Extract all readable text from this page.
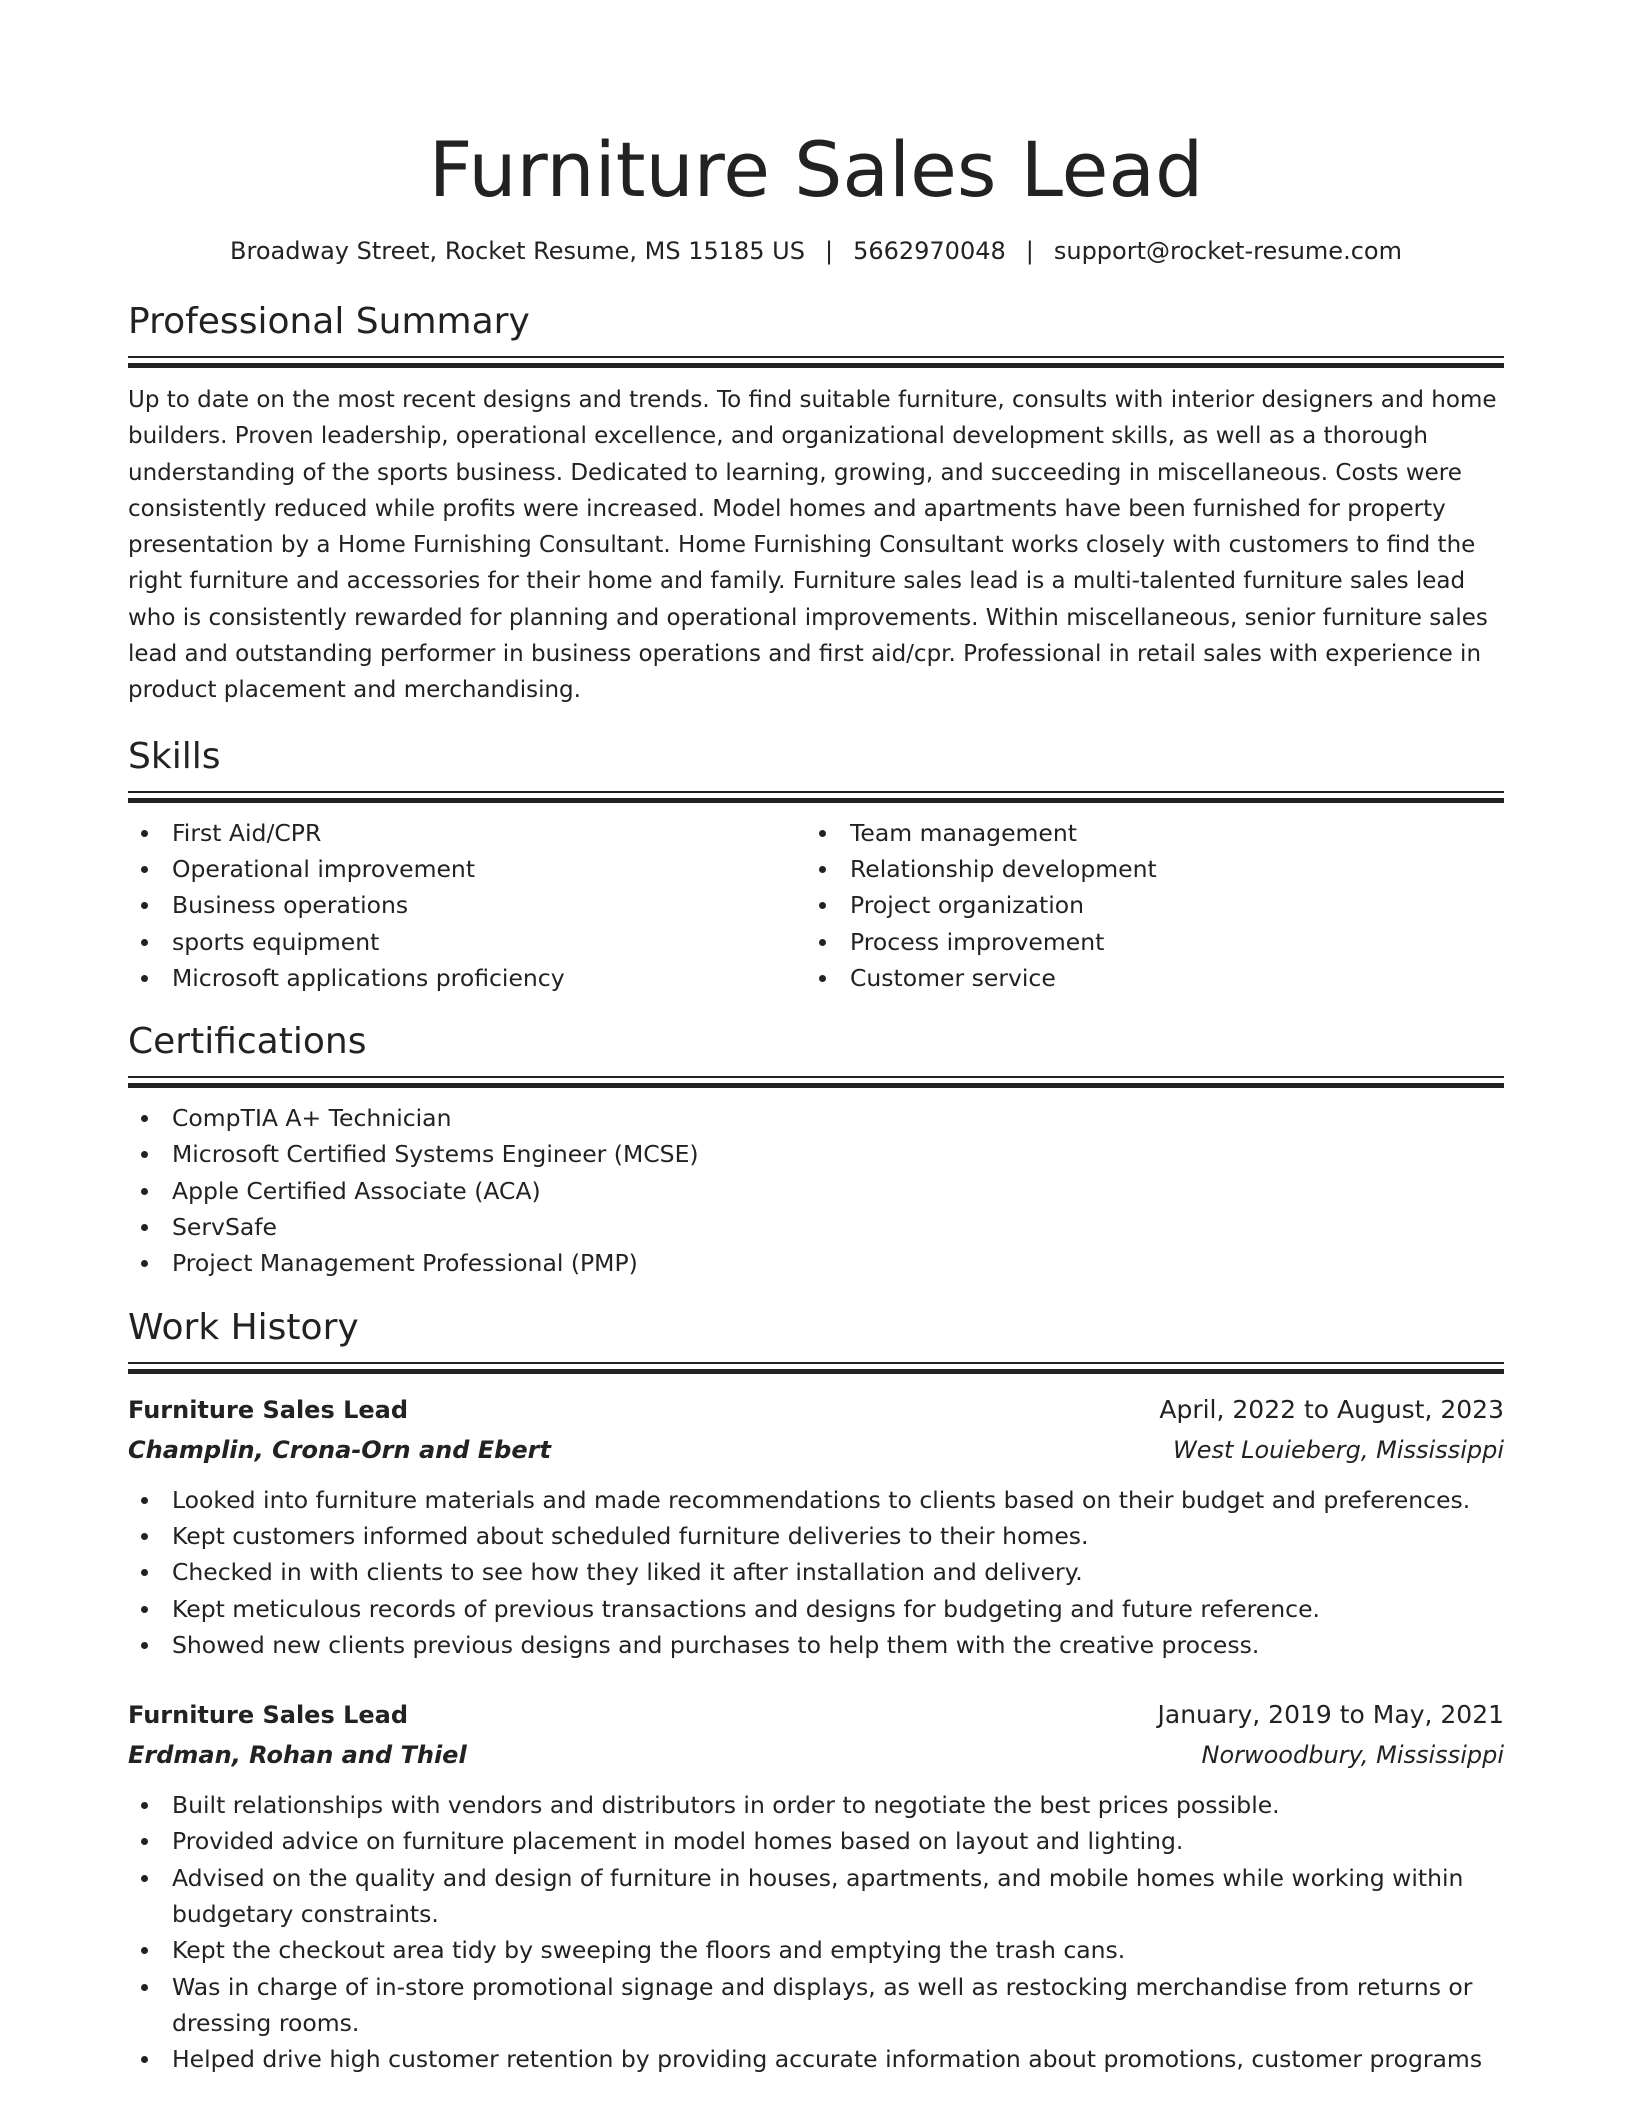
Furniture Sales Lead
Broadway Street, Rocket Resume, MS 15185 US | 5662970048 | support@rocket-resume.com
Professional Summary
Up to date on the most recent designs and trends. To find suitable furniture, consults with interior designers and home builders. Proven leadership, operational excellence, and organizational development skills, as well as a thorough understanding of the sports business. Dedicated to learning, growing, and succeeding in miscellaneous. Costs were consistently reduced while profits were increased. Model homes and apartments have been furnished for property presentation by a Home Furnishing Consultant. Home Furnishing Consultant works closely with customers to find the right furniture and accessories for their home and family. Furniture sales lead is a multi-talented furniture sales lead who is consistently rewarded for planning and operational improvements. Within miscellaneous, senior furniture sales lead and outstanding performer in business operations and first aid/cpr. Professional in retail sales with experience in product placement and merchandising.
Skills
First Aid/CPR
Operational improvement
Business operations
sports equipment
Microsoft applications proficiency
Team management
Relationship development
Project organization
Process improvement
Customer service
Certifications
CompTIA A+ Technician
Microsoft Certified Systems Engineer (MCSE)
Apple Certified Associate (ACA)
ServSafe
Project Management Professional (PMP)
Work History
Furniture Sales Lead	April, 2022 to August, 2023
Champlin, Crona-Orn and Ebert	West Louieberg, Mississippi
Looked into furniture materials and made recommendations to clients based on their budget and preferences.
Kept customers informed about scheduled furniture deliveries to their homes.
Checked in with clients to see how they liked it after installation and delivery.
Kept meticulous records of previous transactions and designs for budgeting and future reference.
Showed new clients previous designs and purchases to help them with the creative process.
Furniture Sales Lead	January, 2019 to May, 2021
Erdman, Rohan and Thiel	Norwoodbury, Mississippi
Built relationships with vendors and distributors in order to negotiate the best prices possible.
Provided advice on furniture placement in model homes based on layout and lighting.
Advised on the quality and design of furniture in houses, apartments, and mobile homes while working within budgetary constraints.
Kept the checkout area tidy by sweeping the floors and emptying the trash cans.
Was in charge of in-store promotional signage and displays, as well as restocking merchandise from returns or dressing rooms.
Helped drive high customer retention by providing accurate information about promotions, customer programs
